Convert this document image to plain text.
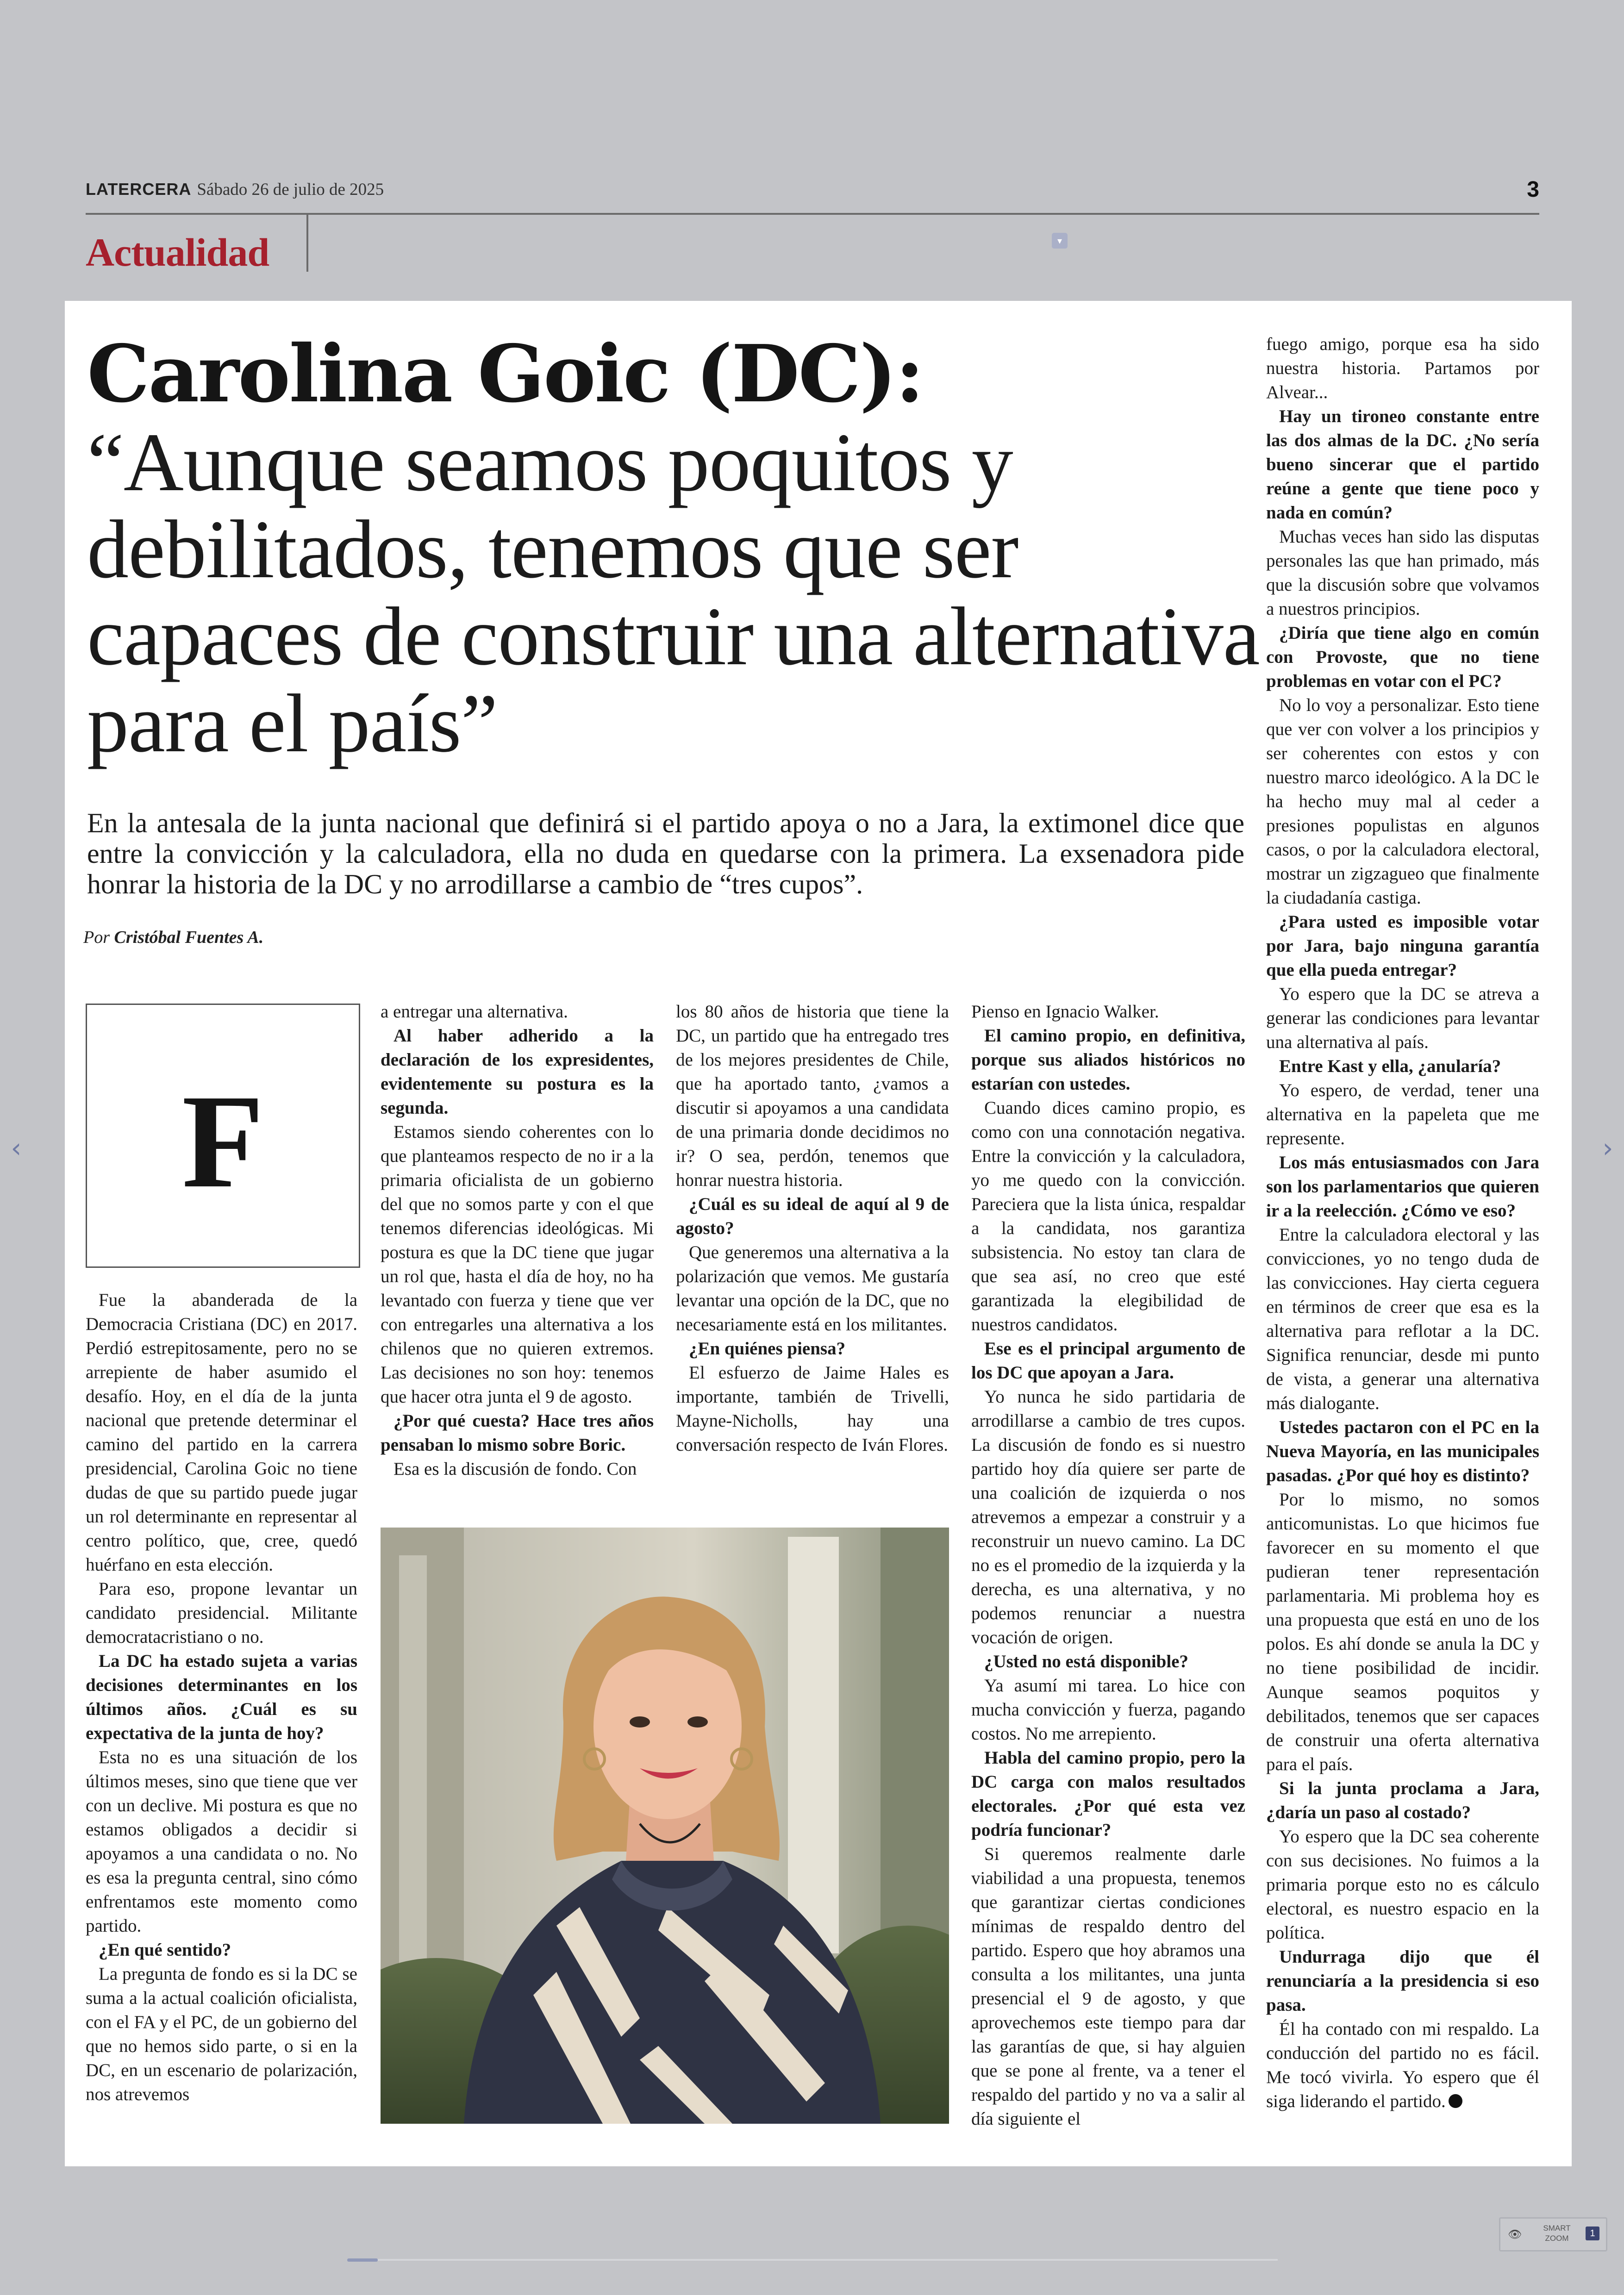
LATERCERA Sábado 26 de julio de 2025	3
Actualidad	▾
Carolina Goic (DC):
“Aunque seamos poquitos y debilitados, tenemos que ser capaces de construir una alternativa para el país”

En la antesala de la junta nacional que definirá si el partido apoya o no a Jara, la extimonel dice que entre la convicción y la calculadora, ella no duda en quedarse con la primera. La exsenadora pide honrar la historia de la DC y no arrodillarse a cambio de “tres cupos”.

Por Cristóbal Fuentes A.
F

Fue la abanderada de la Democracia Cristiana (DC) en 2017. Perdió estrepitosamente, pero no se arrepiente de haber asumido el desafío. Hoy, en el día de la junta nacional que pretende determinar el camino del partido en la carrera presidencial, Carolina Goic no tiene dudas de que su partido puede jugar un rol determinante en representar al centro político, que, cree, quedó huérfano en esta elección.

Para eso, propone levantar un candidato presidencial. Militante democratacristiano o no.

La DC ha estado sujeta a varias decisiones determinantes en los últimos años. ¿Cuál es su expectativa de la junta de hoy?

Esta no es una situación de los últimos meses, sino que tiene que ver con un declive. Mi postura es que no estamos obligados a decidir si apoyamos a una candidata o no. No es esa la pregunta central, sino cómo enfrentamos este momento como partido.

¿En qué sentido?

La pregunta de fondo es si la DC se suma a la actual coalición oficialista, con el FA y el PC, de un gobierno del que no hemos sido parte, o si en la DC, en un escenario de polarización, nos atrevemos

a entregar una alternativa.

Al haber adherido a la declaración de los expresidentes, evidentemente su postura es la segunda.

Estamos siendo coherentes con lo que planteamos respecto de no ir a la primaria oficialista de un gobierno del que no somos parte y con el que tenemos diferencias ideológicas. Mi postura es que la DC tiene que jugar un rol que, hasta el día de hoy, no ha levantado con fuerza y tiene que ver con entregarles una alternativa a los chilenos que no quieren extremos. Las decisiones no son hoy: tenemos que hacer otra junta el 9 de agosto.

¿Por qué cuesta? Hace tres años pensaban lo mismo sobre Boric.

Esa es la discusión de fondo. Con

los 80 años de historia que tiene la DC, un partido que ha entregado tres de los mejores presidentes de Chile, que ha aportado tanto, ¿vamos a discutir si apoyamos a una candidata de una primaria donde decidimos no ir? O sea, perdón, tenemos que honrar nuestra historia.

¿Cuál es su ideal de aquí al 9 de agosto?

Que generemos una alternativa a la polarización que vemos. Me gustaría levantar una opción de la DC, que no necesariamente está en los militantes.

¿En quiénes piensa?

El esfuerzo de Jaime Hales es importante, también de Trivelli, Mayne-Nicholls, hay una conversación respecto de Iván Flores.

Pienso en Ignacio Walker.

El camino propio, en definitiva, porque sus aliados históricos no estarían con ustedes.

Cuando dices camino propio, es como con una connotación negativa. Entre la convicción y la calculadora, yo me quedo con la convicción. Pareciera que la lista única, respaldar a la candidata, nos garantiza subsistencia. No estoy tan clara de que sea así, no creo que esté garantizada la elegibilidad de nuestros candidatos.

Ese es el principal argumento de los DC que apoyan a Jara.

Yo nunca he sido partidaria de arrodillarse a cambio de tres cupos. La discusión de fondo es si nuestro partido hoy día quiere ser parte de una coalición de izquierda o nos atrevemos a empezar a construir y a reconstruir un nuevo camino. La DC no es el promedio de la izquierda y la derecha, es una alternativa, y no podemos renunciar a nuestra vocación de origen.

¿Usted no está disponible?

Ya asumí mi tarea. Lo hice con mucha convicción y fuerza, pagando costos. No me arrepiento.

Habla del camino propio, pero la DC carga con malos resultados electorales. ¿Por qué esta vez podría funcionar?

Si queremos realmente darle viabilidad a una propuesta, tenemos que garantizar ciertas condiciones mínimas de respaldo dentro del partido. Espero que hoy abramos una consulta a los militantes, una junta presencial el 9 de agosto, y que aprovechemos este tiempo para dar las garantías de que, si hay alguien que se pone al frente, va a tener el respaldo del partido y no va a salir al día siguiente el

fuego amigo, porque esa ha sido nuestra historia. Partamos por Alvear...

Hay un tironeo constante entre las dos almas de la DC. ¿No sería bueno sincerar que el partido reúne a gente que tiene poco y nada en común?

Muchas veces han sido las disputas personales las que han primado, más que la discusión sobre que volvamos a nuestros principios.

¿Diría que tiene algo en común con Provoste, que no tiene problemas en votar con el PC?

No lo voy a personalizar. Esto tiene que ver con volver a los principios y ser coherentes con estos y con nuestro marco ideológico. A la DC le ha hecho muy mal al ceder a presiones populistas en algunos casos, o por la calculadora electoral, mostrar un zigzagueo que finalmente la ciudadanía castiga.

¿Para usted es imposible votar por Jara, bajo ninguna garantía que ella pueda entregar?

Yo espero que la DC se atreva a generar las condiciones para levantar una alternativa al país.

Entre Kast y ella, ¿anularía?

Yo espero, de verdad, tener una alternativa en la papeleta que me represente.

Los más entusiasmados con Jara son los parlamentarios que quieren ir a la reelección. ¿Cómo ve eso?

Entre la calculadora electoral y las convicciones, yo no tengo duda de las convicciones. Hay cierta ceguera en términos de creer que esa es la alternativa para reflotar a la DC. Significa renunciar, desde mi punto de vista, a generar una alternativa más dialogante.

Ustedes pactaron con el PC en la Nueva Mayoría, en las municipales pasadas. ¿Por qué hoy es distinto?

Por lo mismo, no somos anticomunistas. Lo que hicimos fue favorecer en su momento el que pudieran tener representación parlamentaria. Mi problema hoy es una propuesta que está en uno de los polos. Es ahí donde se anula la DC y no tiene posibilidad de incidir. Aunque seamos poquitos y debilitados, tenemos que ser capaces de construir una oferta alternativa para el país.

Si la junta proclama a Jara, ¿daría un paso al costado?

Yo espero que la DC sea coherente con sus decisiones. No fuimos a la primaria porque esto no es cálculo electoral, es nuestro espacio en la política.

Undurraga dijo que él renunciaría a la presidencia si eso pasa.

Él ha contado con mi respaldo. La conducción del partido no es fácil. Me tocó vivirla. Yo espero que él siga liderando el partido.

‹	›
👁
SMART ZOOM	1
